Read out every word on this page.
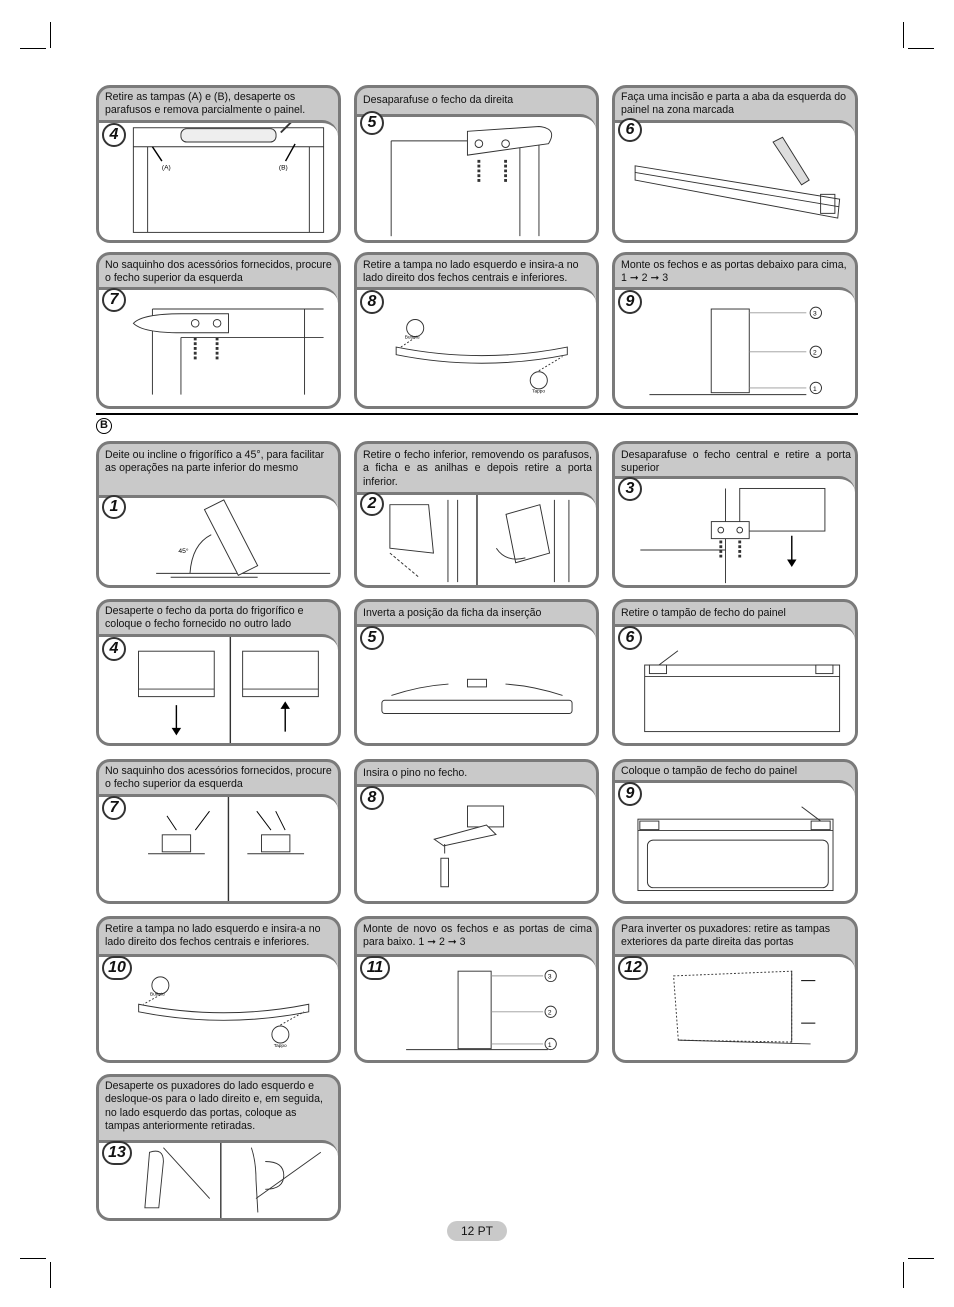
Retire as tampas (A) e (B), desaperte os parafusos e remova parcialmente o painel.
(A)	(B)
4
Desaparafuse o fecho da direita
5
Faça uma incisão e parta a aba da esquerda do painel na zona marcada
6
No saquinho dos acessórios fornecidos, procure o fecho superior da esquerda
7
Retire a tampa no lado esquerdo e insira-a no lado direito dos fechos centrais e inferiores.
Buttoiu
Tappo
8
Monte os fechos e as portas debaixo para cima, 1 ➞ 2 ➞ 3
3
2
1
9
B
Deite ou incline o frigorífico a 45°, para facilitar as operações na parte inferior do mesmo
45°
1
Retire o fecho inferior, removendo os parafusos, a ficha e as anilhas e depois retire a porta inferior.
2
Desaparafuse o fecho central e retire a porta superior
3
Desaperte o fecho da porta do frigorífico e coloque o fecho fornecido no outro lado
4
Inverta a posição da ficha da inserção
5
Retire o tampão de fecho do painel
6
No saquinho dos acessórios fornecidos, procure o fecho superior da esquerda
7
Insira o pino no fecho.
8
Coloque o tampão de fecho do painel
9
Retire a tampa no lado esquerdo e insira-a no lado direito dos fechos centrais e inferiores.
Buttoiu
Tappo
10
Monte de novo os fechos e as portas de cima para baixo. 1 ➞ 2 ➞ 3
3
2
1
11
Para inverter os puxadores: retire as tampas exteriores da parte direita das portas
12
Desaperte os puxadores do lado esquerdo e desloque-os para o lado direito e, em seguida, no lado esquerdo das portas, coloque as tampas anteriormente retiradas.
13
12 PT
